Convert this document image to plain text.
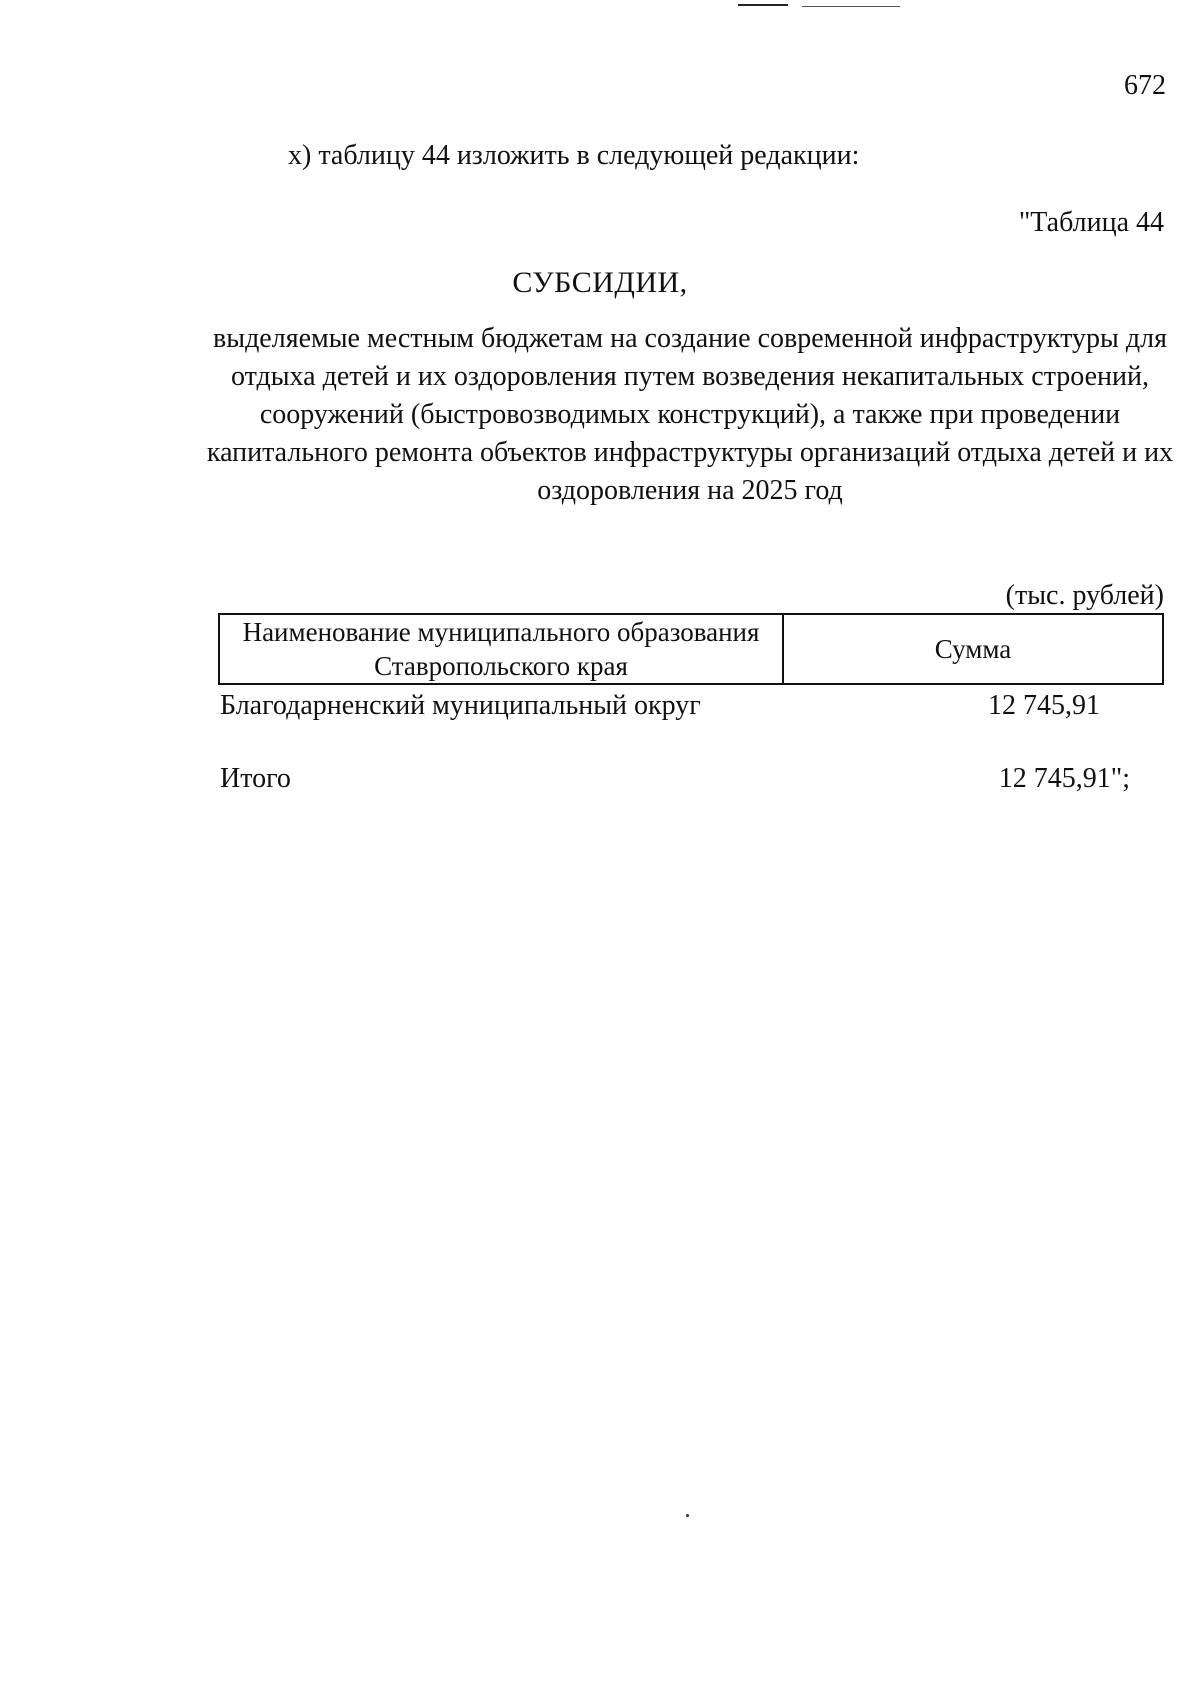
672
х) таблицу 44 изложить в следующей редакции:
"Таблица 44
СУБСИДИИ,
выделяемые местным бюджетам на создание современной инфраструктуры для отдыха детей и их оздоровления путем возведения некапитальных строений, сооружений (быстровозводимых конструкций), а также при проведении капитального ремонта объектов инфраструктуры организаций отдыха детей и их оздоровления на 2025 год
(тыс. рублей)
Наименование муниципального образования Ставропольского края
Сумма
Благодарненский муниципальный округ	12 745,91
Итого	12 745,91";
